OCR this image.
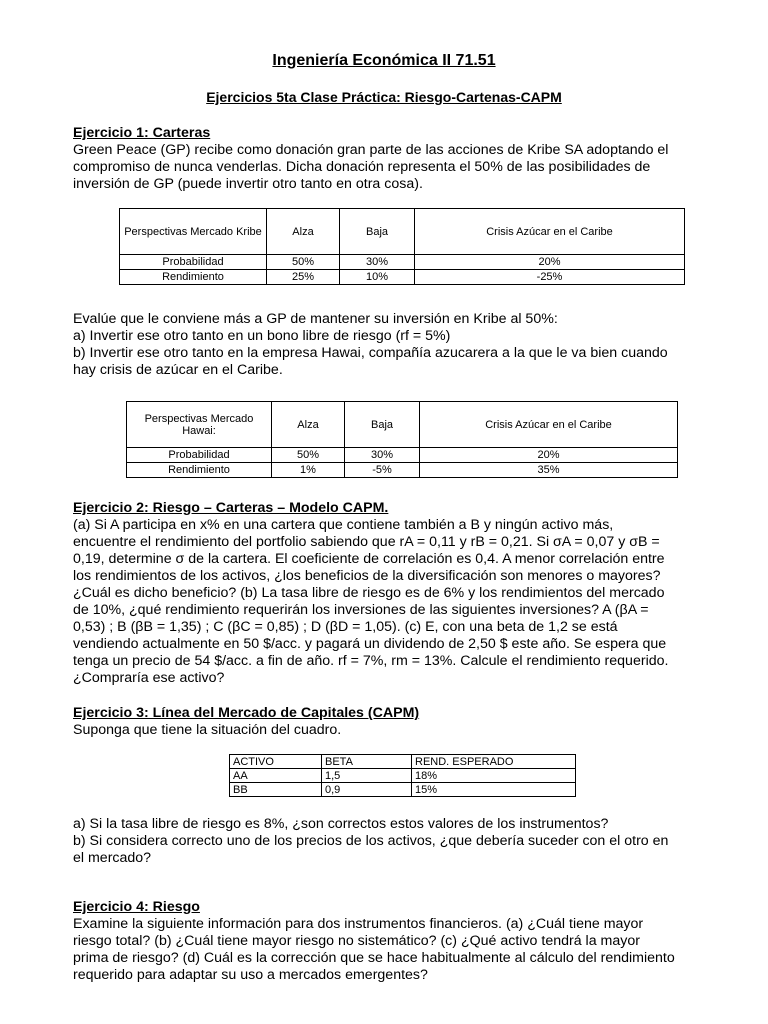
Ingeniería Económica II 71.51
Ejercicios 5ta Clase Práctica: Riesgo-Cartenas-CAPM
Ejercicio 1: Carteras

Green Peace (GP) recibe como donación gran parte de las acciones de Kribe SA adoptando el
compromiso de nunca venderlas. Dicha donación representa el 50% de las posibilidades de
inversión de GP (puede invertir otro tanto en otra cosa).

Perspectivas Mercado Kribe	Alza	Baja	Crisis Azúcar en el Caribe
Probabilidad	50%	30%	20%
Rendimiento	25%	10%	-25%

Evalúe que le conviene más a GP de mantener su inversión en Kribe al 50%:
a) Invertir ese otro tanto en un bono libre de riesgo (rf = 5%)
b) Invertir ese otro tanto en la empresa Hawai, compañía azucarera a la que le va bien cuando
hay crisis de azúcar en el Caribe.

Perspectivas Mercado Hawai:	Alza	Baja	Crisis Azúcar en el Caribe
Probabilidad	50%	30%	20%
Rendimiento	1%	-5%	35%
Ejercicio 2: Riesgo – Carteras – Modelo CAPM.

(a) Si A participa en x% en una cartera que contiene también a B y ningún activo más,
encuentre el rendimiento del portfolio sabiendo que rA = 0,11 y rB = 0,21. Si σA = 0,07 y σB =
0,19, determine σ de la cartera. El coeficiente de correlación es 0,4. A menor correlación entre
los rendimientos de los activos, ¿los beneficios de la diversificación son menores o mayores?
¿Cuál es dicho beneficio? (b) La tasa libre de riesgo es de 6% y los rendimientos del mercado
de 10%, ¿qué rendimiento requerirán los inversiones de las siguientes inversiones? A (βA =
0,53) ; B (βB = 1,35) ; C (βC = 0,85) ; D (βD = 1,05). (c) E, con una beta de 1,2 se está
vendiendo actualmente en 50 $/acc. y pagará un dividendo de 2,50 $ este año. Se espera que
tenga un precio de 54 $/acc. a fin de año. rf = 7%, rm = 13%. Calcule el rendimiento requerido.
¿Compraría ese activo?

Ejercicio 3: Línea del Mercado de Capitales (CAPM)

Suponga que tiene la situación del cuadro.

ACTIVO	BETA	REND. ESPERADO
AA	1,5	18%
BB	0,9	15%

a) Si la tasa libre de riesgo es 8%, ¿son correctos estos valores de los instrumentos?
b) Si considera correcto uno de los precios de los activos, ¿que debería suceder con el otro en
el mercado?

Ejercicio 4: Riesgo

Examine la siguiente información para dos instrumentos financieros. (a) ¿Cuál tiene mayor
riesgo total? (b) ¿Cuál tiene mayor riesgo no sistemático? (c) ¿Qué activo tendrá la mayor
prima de riesgo? (d) Cuál es la corrección que se hace habitualmente al cálculo del rendimiento
requerido para adaptar su uso a mercados emergentes?
